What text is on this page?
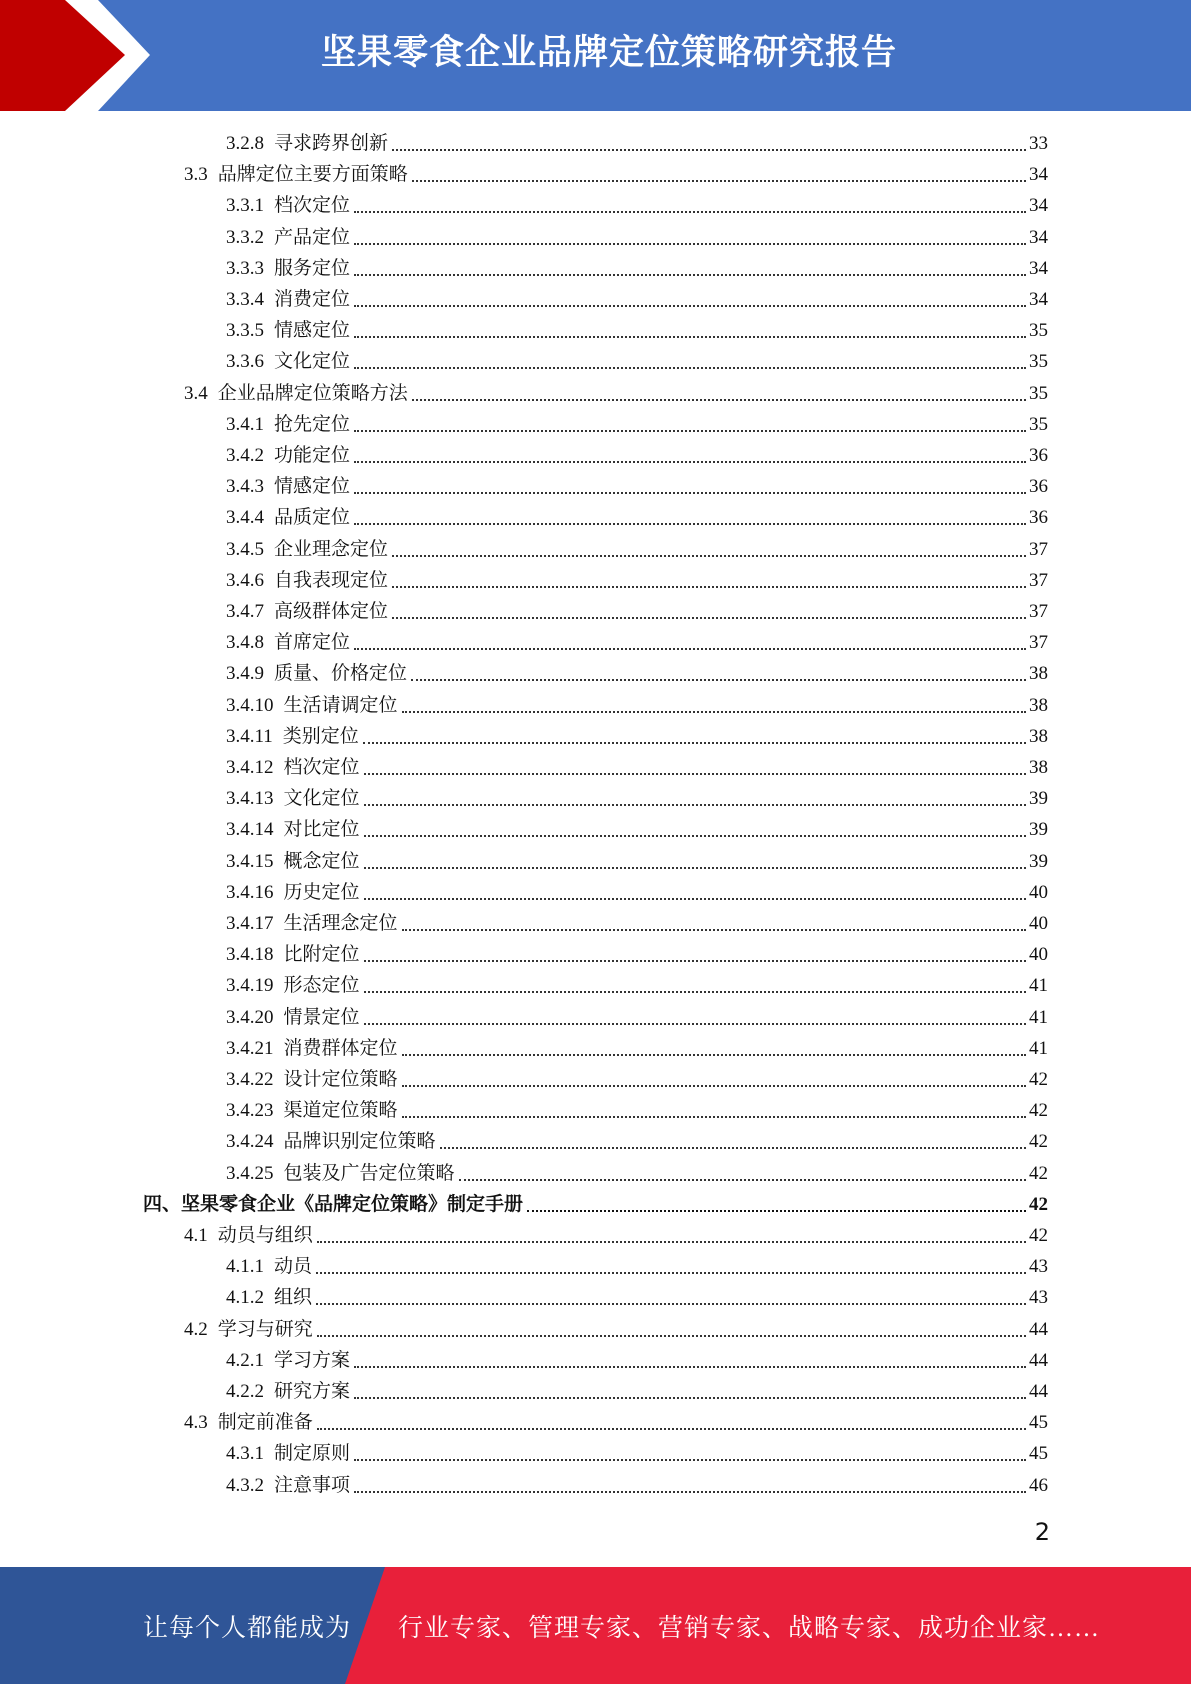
坚果零食企业品牌定位策略研究报告
3.2.8 寻求跨界创新	33
3.3 品牌定位主要方面策略	34
3.3.1 档次定位	34
3.3.2 产品定位	34
3.3.3 服务定位	34
3.3.4 消费定位	34
3.3.5 情感定位	35
3.3.6 文化定位	35
3.4 企业品牌定位策略方法	35
3.4.1 抢先定位	35
3.4.2 功能定位	36
3.4.3 情感定位	36
3.4.4 品质定位	36
3.4.5 企业理念定位	37
3.4.6 自我表现定位	37
3.4.7 高级群体定位	37
3.4.8 首席定位	37
3.4.9 质量、价格定位	38
3.4.10 生活请调定位	38
3.4.11 类别定位	38
3.4.12 档次定位	38
3.4.13 文化定位	39
3.4.14 对比定位	39
3.4.15 概念定位	39
3.4.16 历史定位	40
3.4.17 生活理念定位	40
3.4.18 比附定位	40
3.4.19 形态定位	41
3.4.20 情景定位	41
3.4.21 消费群体定位	41
3.4.22 设计定位策略	42
3.4.23 渠道定位策略	42
3.4.24 品牌识别定位策略	42
3.4.25 包装及广告定位策略	42
四、坚果零食企业《品牌定位策略》制定手册	42
4.1 动员与组织	42
4.1.1 动员	43
4.1.2 组织	43
4.2 学习与研究	44
4.2.1 学习方案	44
4.2.2 研究方案	44
4.3 制定前准备	45
4.3.1 制定原则	45
4.3.2 注意事项	46
2
让每个人都能成为 行业专家、管理专家、营销专家、战略专家、成功企业家……
